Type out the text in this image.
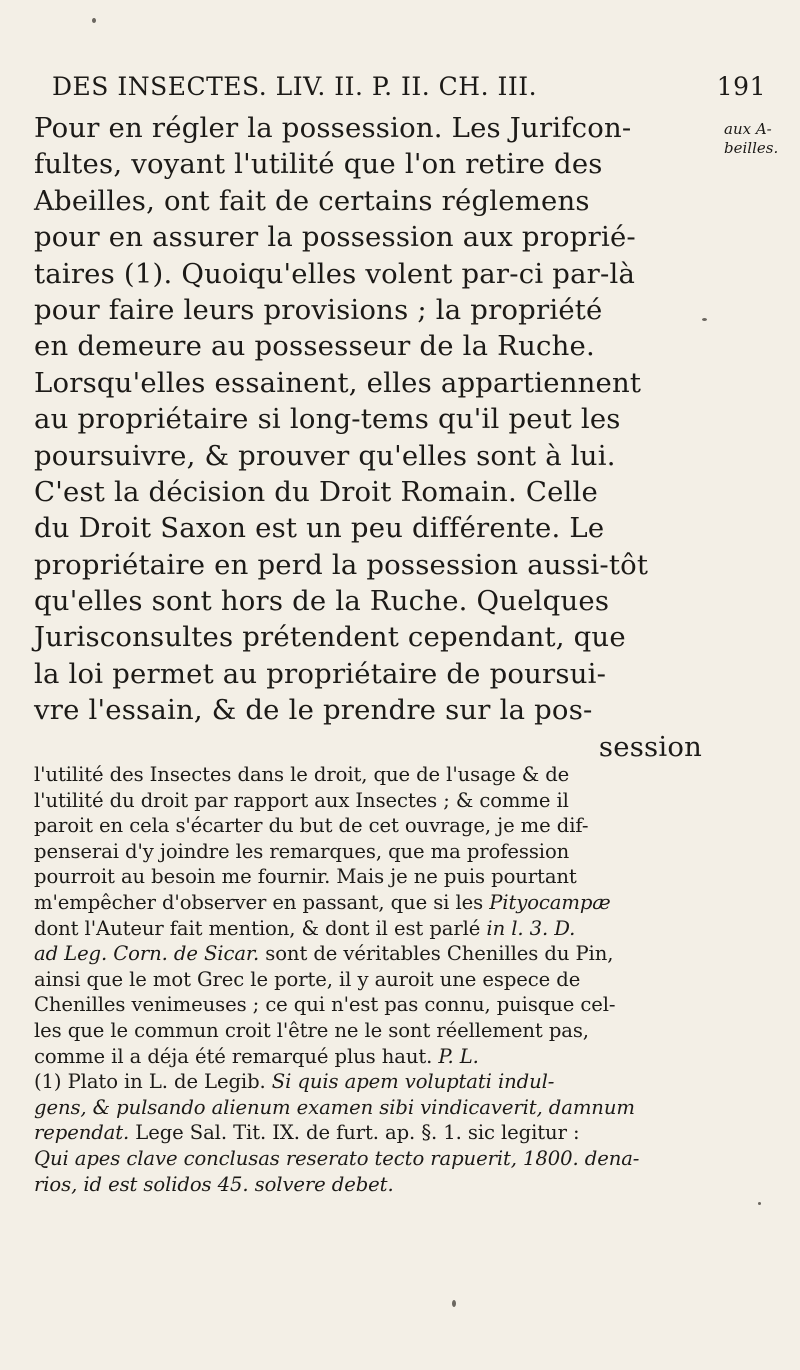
DES INSECTES. LIV. II. P. II. CH. III.	191
aux A-
beilles.
Pour en régler la possession. Les Jurifcon-
fultes, voyant l'utilité que l'on retire des
Abeilles, ont fait de certains réglemens
pour en assurer la possession aux proprié-
taires (1). Quoiqu'elles volent par-ci par-là
pour faire leurs provisions ; la propriété
en demeure au possesseur de la Ruche.
Lorsqu'elles essainent, elles appartiennent
au propriétaire si long-tems qu'il peut les
poursuivre, & prouver qu'elles sont à lui.
C'est la décision du Droit Romain. Celle
du Droit Saxon est un peu différente. Le
propriétaire en perd la possession aussi-tôt
qu'elles sont hors de la Ruche. Quelques
Jurisconsultes prétendent cependant, que
la loi permet au propriétaire de poursui-
vre l'essain, & de le prendre sur la pos-
session
l'utilité des Insectes dans le droit, que de l'usage & de
l'utilité du droit par rapport aux Insectes ; & comme il
paroit en cela s'écarter du but de cet ouvrage, je me dif-
penserai d'y joindre les remarques, que ma profession
pourroit au besoin me fournir. Mais je ne puis pourtant
m'empêcher d'observer en passant, que si les Pityocampæ
dont l'Auteur fait mention, & dont il est parlé in l. 3. D.
ad Leg. Corn. de Sicar. sont de véritables Chenilles du Pin,
ainsi que le mot Grec le porte, il y auroit une espece de
Chenilles venimeuses ; ce qui n'est pas connu, puisque cel-
les que le commun croit l'être ne le sont réellement pas,
comme il a déja été remarqué plus haut. P. L.
(1) Plato in L. de Legib. Si quis apem voluptati indul-
gens, & pulsando alienum examen sibi vindicaverit, damnum
rependat. Lege Sal. Tit. IX. de furt. ap. §. 1. sic legitur :
Qui apes clave conclusas reserato tecto rapuerit, 1800. dena-
rios, id est solidos 45. solvere debet.
